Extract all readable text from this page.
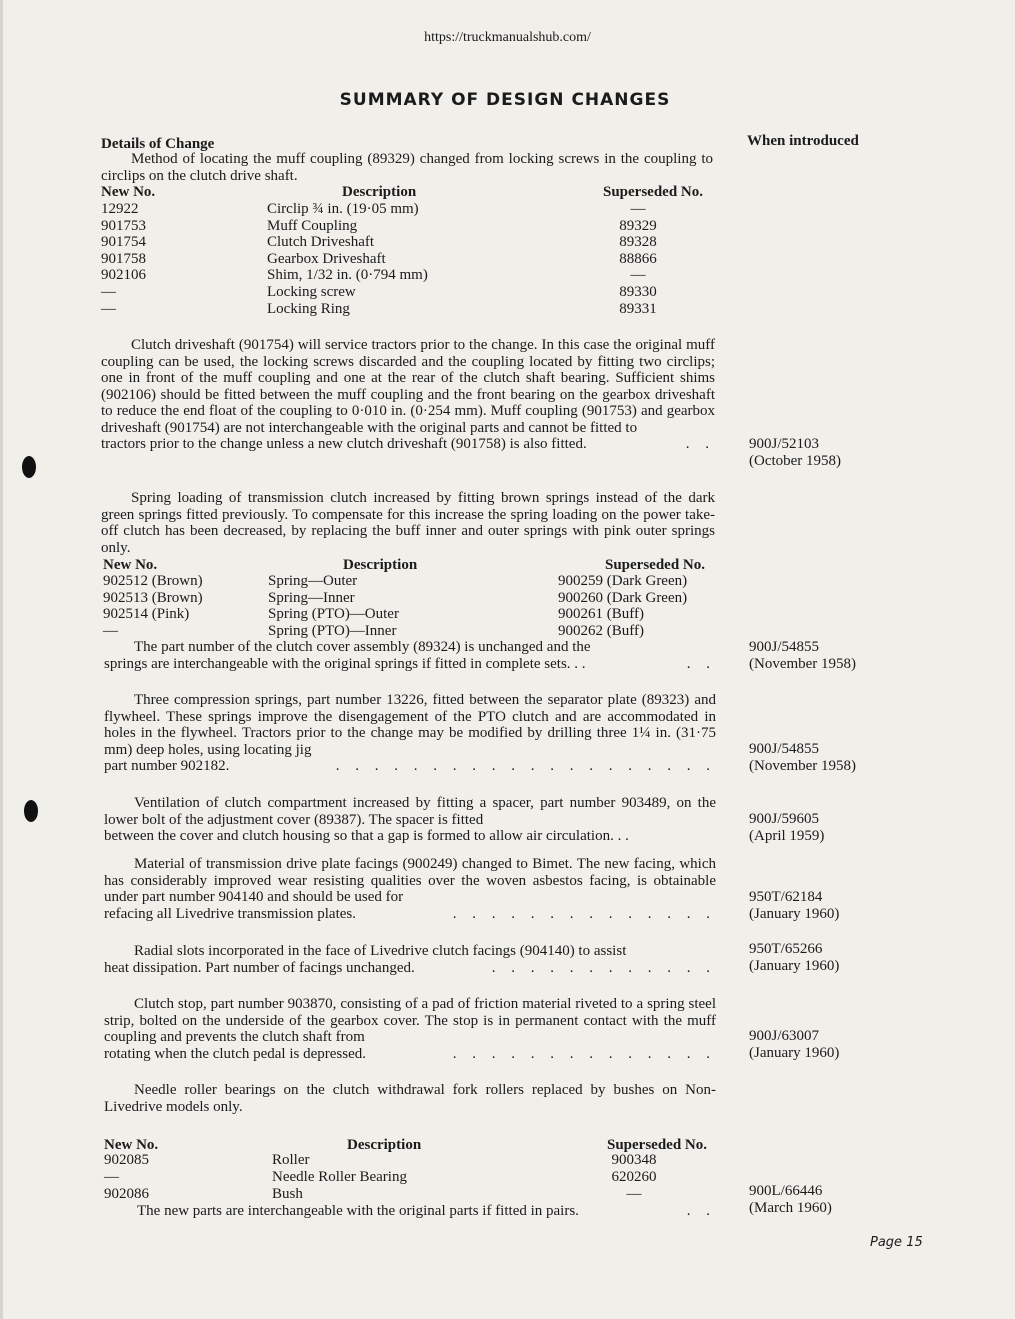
https://truckmanualshub.com/
SUMMARY OF DESIGN CHANGES
Details of Change	When introduced

Method of locating the muff coupling (89329) changed from locking screws in the coupling to circlips on the clutch drive shaft.

New No.	Description	Superseded No.
12922	Circlip ¾ in. (19·05 mm)	—
901753	Muff Coupling	89329
901754	Clutch Driveshaft	89328
901758	Gearbox Driveshaft	88866
902106	Shim, 1/32 in. (0·794 mm)	—
—	Locking screw	89330
—	Locking Ring	89331

Clutch driveshaft (901754) will service tractors prior to the change. In this case the original muff coupling can be used, the locking screws discarded and the coupling located by fitting two circlips; one in front of the muff coupling and one at the rear of the clutch shaft bearing. Sufficient shims (902106) should be fitted between the muff coupling and the front bearing on the gearbox driveshaft to reduce the end float of the coupling to 0·010 in. (0·254 mm). Muff coupling (901753) and gearbox driveshaft (901754) are not interchangeable with the original parts and cannot be fitted to

tractors prior to the change unless a new clutch driveshaft (901758) is also fitted.	. . 900J/52103
(October 1958)

Spring loading of transmission clutch increased by fitting brown springs instead of the dark green springs fitted previously. To compensate for this increase the spring loading on the power take-off clutch has been decreased, by replacing the buff inner and outer springs with pink outer springs only.

New No.	Description	Superseded No.
902512 (Brown)	Spring—Outer	900259 (Dark Green)
902513 (Brown)	Spring—Inner	900260 (Dark Green)
902514 (Pink)	Spring (PTO)—Outer	900261 (Buff)
—	Spring (PTO)—Inner	900262 (Buff)

The part number of the clutch cover assembly (89324) is unchanged and the

springs are interchangeable with the original springs if fitted in complete sets. . .	. .
900J/54855
(November 1958)

Three compression springs, part number 13226, fitted between the separator plate (89323) and flywheel. These springs improve the disengagement of the PTO clutch and are accommodated in holes in the flywheel. Tractors prior to the change may be modified by drilling three 1¼ in. (31·75 mm) deep holes, using locating jig

part number 902182.	. . . . . . . . . . . . . . . . . . . .
900J/54855
(November 1958)

Ventilation of clutch compartment increased by fitting a spacer, part number 903489, on the lower bolt of the adjustment cover (89387). The spacer is fitted

between the cover and clutch housing so that a gap is formed to allow air circulation. . .
900J/59605
(April 1959)

Material of transmission drive plate facings (900249) changed to Bimet. The new facing, which has considerably improved wear resisting qualities over the woven asbestos facing, is obtainable under part number 904140 and should be used for

refacing all Livedrive transmission plates.	. . . . . . . . . . . . . .
950T/62184
(January 1960)

Radial slots incorporated in the face of Livedrive clutch facings (904140) to assist

heat dissipation. Part number of facings unchanged.	. . . . . . . . . . . .
950T/65266
(January 1960)

Clutch stop, part number 903870, consisting of a pad of friction material riveted to a spring steel strip, bolted on the underside of the gearbox cover. The stop is in permanent contact with the muff coupling and prevents the clutch shaft from

rotating when the clutch pedal is depressed.	. . . . . . . . . . . . . .
900J/63007
(January 1960)

Needle roller bearings on the clutch withdrawal fork rollers replaced by bushes on Non-Livedrive models only.

New No.	Description	Superseded No.
902085	Roller	900348
—	Needle Roller Bearing	620260
902086	Bush	—
The new parts are interchangeable with the original parts if fitted in pairs.	. .
900L/66446
(March 1960)
Page 15
